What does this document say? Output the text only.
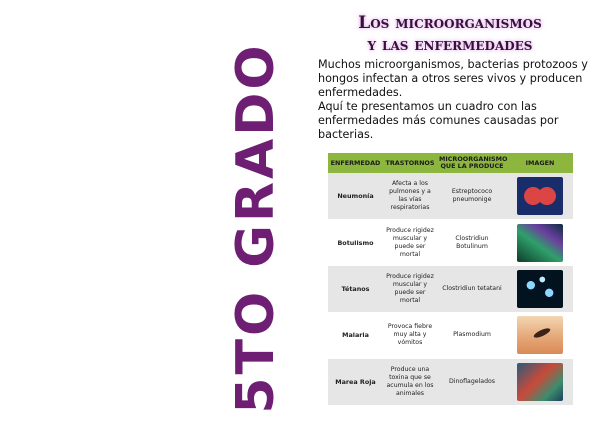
5TO GRADO
Los microorganismos
y las enfermedades

Muchos microorganismos, bacterias protozoos y hongos infectan a otros seres vivos y producen enfermedades.

Aquí te presentamos un cuadro con las enfermedades más comunes causadas por bacterias.

ENFERMEDAD	TRASTORNOS	MICROORGANISMO QUE LA PRODUCE	IMAGEN
Neumonía	Afecta a los pulmones y a las vías respiratorias	Estreptococo pneumonige	

Botulismo	Produce rigidez muscular y puede ser mortal	Clostridiun Botulinum	

Tétanos	Produce rigidez muscular y puede ser mortal	Clostridiun tetatani	

Malaria	Provoca fiebre muy alta y vómitos	Plasmodium	

Marea Roja	Produce una toxina que se acumula en los animales	Dinoflagelados	
